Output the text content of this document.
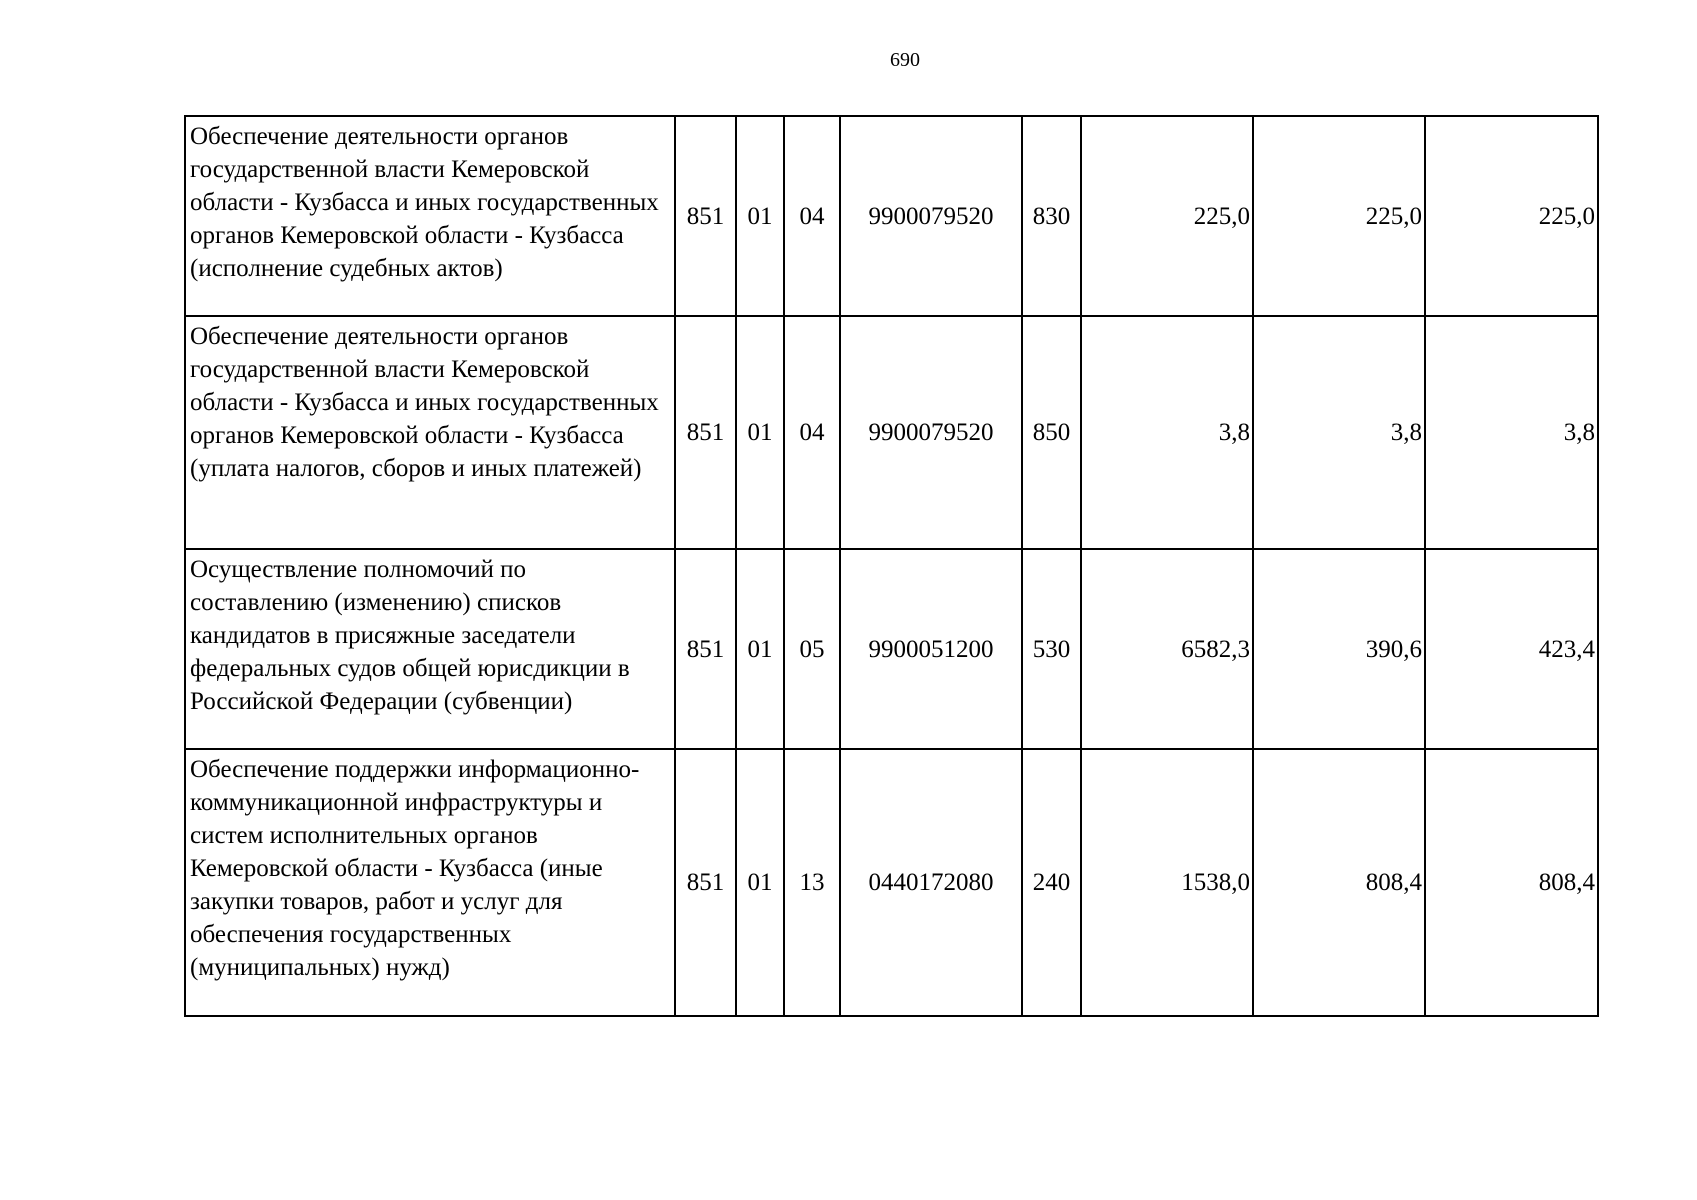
690
Обеспечение деятельности органов государственной власти Кемеровской области - Кузбасса и иных государственных органов Кемеровской области - Кузбасса (исполнение судебных актов)	851	01	04	9900079520	830	225,0	225,0	225,0
Обеспечение деятельности органов государственной власти Кемеровской области - Кузбасса и иных государственных органов Кемеровской области - Кузбасса (уплата налогов, сборов и иных платежей)	851	01	04	9900079520	850	3,8	3,8	3,8
Осуществление полномочий по составлению (изменению) списков кандидатов в присяжные заседатели федеральных судов общей юрисдикции в Российской Федерации (субвенции)	851	01	05	9900051200	530	6582,3	390,6	423,4
Обеспечение поддержки информационно-коммуникационной инфраструктуры и систем исполнительных органов Кемеровской области - Кузбасса (иные закупки товаров, работ и услуг для обеспечения государственных (муниципальных) нужд)	851	01	13	0440172080	240	1538,0	808,4	808,4
